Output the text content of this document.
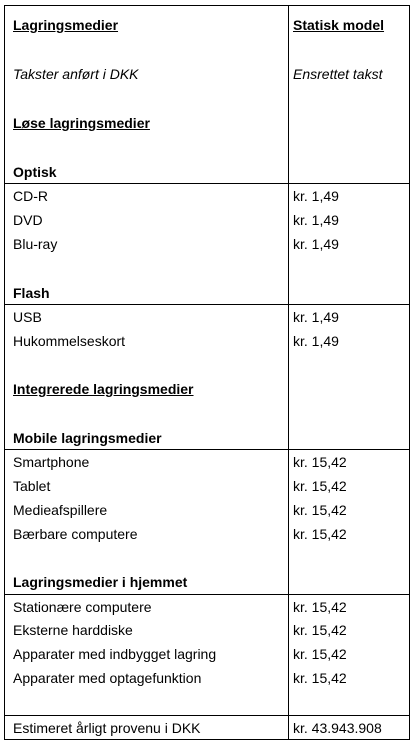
Lagringsmedier	Statisk model
Takster anført i DKK	Ensrettet takst
Løse lagringsmedier
Optisk
CD-R	kr. 1,49
DVD	kr. 1,49
Blu-ray	kr. 1,49
Flash
USB	kr. 1,49
Hukommelseskort	kr. 1,49
Integrerede lagringsmedier
Mobile lagringsmedier
Smartphone	kr. 15,42
Tablet	kr. 15,42
Medieafspillere	kr. 15,42
Bærbare computere	kr. 15,42
Lagringsmedier i hjemmet
Stationære computere	kr. 15,42
Eksterne harddiske	kr. 15,42
Apparater med indbygget lagring	kr. 15,42
Apparater med optagefunktion	kr. 15,42
Estimeret årligt provenu i DKK	kr. 43.943.908
